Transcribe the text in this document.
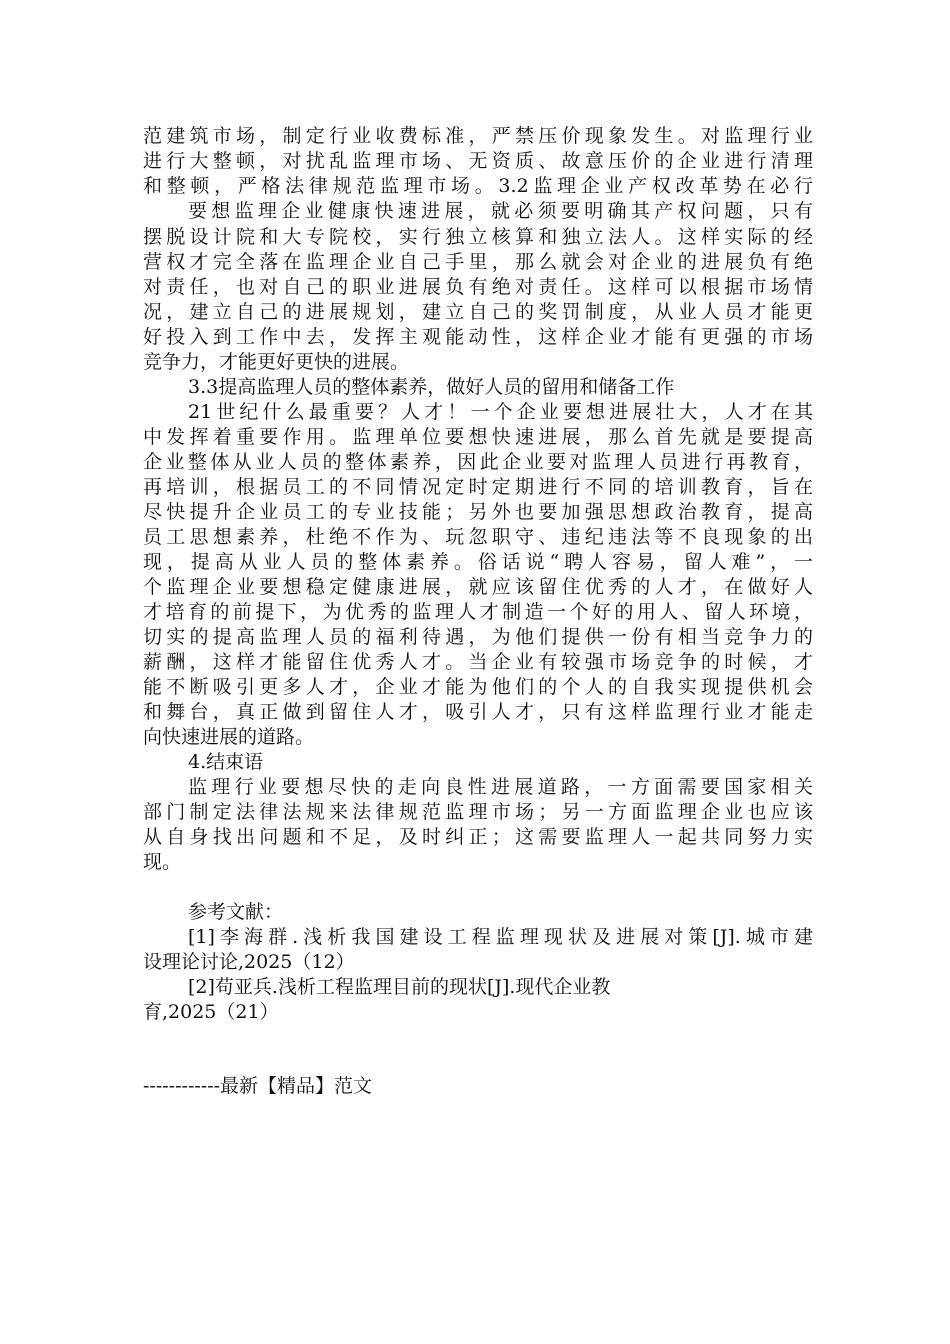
范建筑市场，制定行业收费标准，严禁压价现象发生。对监理行业
进行大整顿，对扰乱监理市场、无资质、故意压价的企业进行清理
和整顿，严格法律规范监理市场。3.2监理企业产权改革势在必行
要想监理企业健康快速进展，就必须要明确其产权问题，只有
摆脱设计院和大专院校，实行独立核算和独立法人。这样实际的经
营权才完全落在监理企业自己手里，那么就会对企业的进展负有绝
对责任，也对自己的职业进展负有绝对责任。这样可以根据市场情
况，建立自己的进展规划，建立自己的奖罚制度，从业人员才能更
好投入到工作中去，发挥主观能动性，这样企业才能有更强的市场
竞争力，才能更好更快的进展。
3.3提高监理人员的整体素养，做好人员的留用和储备工作
21世纪什么最重要？人才！一个企业要想进展壮大，人才在其
中发挥着重要作用。监理单位要想快速进展，那么首先就是要提高
企业整体从业人员的整体素养，因此企业要对监理人员进行再教育，
再培训，根据员工的不同情况定时定期进行不同的培训教育，旨在
尽快提升企业员工的专业技能；另外也要加强思想政治教育，提高
员工思想素养，杜绝不作为、玩忽职守、违纪违法等不良现象的出
现，提高从业人员的整体素养。俗话说“聘人容易，留人难”，一
个监理企业要想稳定健康进展，就应该留住优秀的人才，在做好人
才培育的前提下，为优秀的监理人才制造一个好的用人、留人环境，
切实的提高监理人员的福利待遇，为他们提供一份有相当竞争力的
薪酬，这样才能留住优秀人才。当企业有较强市场竞争的时候，才
能不断吸引更多人才，企业才能为他们的个人的自我实现提供机会
和舞台，真正做到留住人才，吸引人才，只有这样监理行业才能走
向快速进展的道路。
4.结束语
监理行业要想尽快的走向良性进展道路，一方面需要国家相关
部门制定法律法规来法律规范监理市场；另一方面监理企业也应该
从自身找出问题和不足，及时纠正；这需要监理人一起共同努力实
现。
参考文献：
[1]李海群.浅析我国建设工程监理现状及进展对策[J].城市建
设理论讨论,2025（12）
[2]苟亚兵.浅析工程监理目前的现状[J].现代企业教
育,2025（21）
------------最新【精品】范文
